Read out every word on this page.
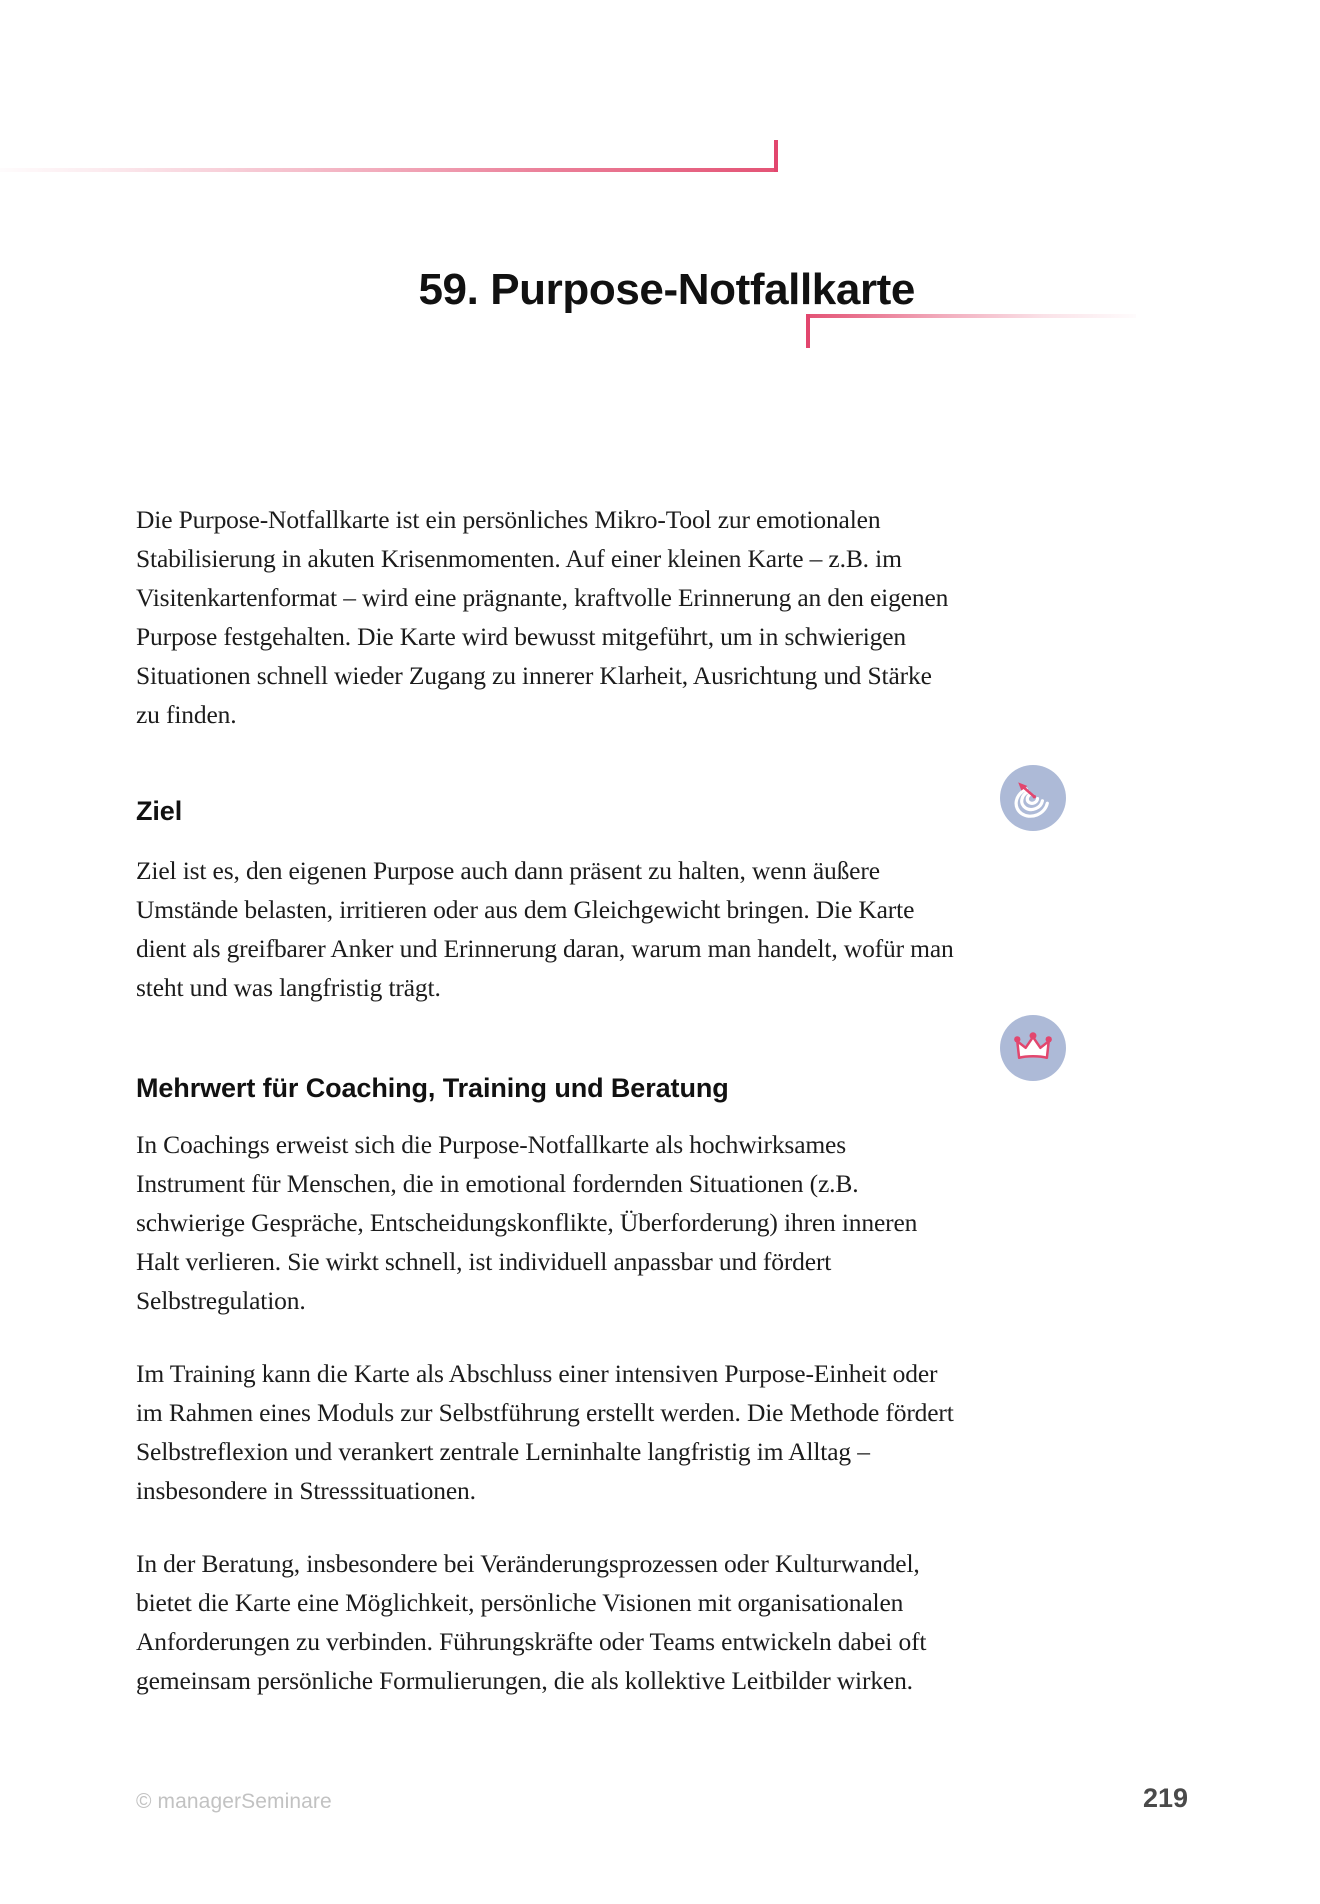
59. Purpose-Notfallkarte

Die Purpose-Notfallkarte ist ein persönliches Mikro-Tool zur emotionalen Stabilisierung in akuten Krisenmomenten. Auf einer kleinen Karte – z.B. im Visitenkartenformat – wird eine prägnante, kraftvolle Erinnerung an den eigenen Purpose festgehalten. Die Karte wird bewusst mitgeführt, um in schwierigen Situationen schnell wieder Zugang zu innerer Klarheit, Ausrichtung und Stärke zu finden.

Ziel

Ziel ist es, den eigenen Purpose auch dann präsent zu halten, wenn äußere Umstände belasten, irritieren oder aus dem Gleichgewicht bringen. Die Karte dient als greifbarer Anker und Erinnerung daran, warum man handelt, wofür man steht und was langfristig trägt.

Mehrwert für Coaching, Training und Beratung

In Coachings erweist sich die Purpose-Notfallkarte als hochwirksames Instrument für Menschen, die in emotional fordernden Situationen (z.B. schwierige Gespräche, Entscheidungskonflikte, Überforderung) ihren inneren Halt verlieren. Sie wirkt schnell, ist individuell anpassbar und fördert Selbstregulation.

Im Training kann die Karte als Abschluss einer intensiven Purpose-Einheit oder im Rahmen eines Moduls zur Selbstführung erstellt werden. Die Methode fördert Selbstreflexion und verankert zentrale Lerninhalte langfristig im Alltag – insbesondere in Stresssituationen.

In der Beratung, insbesondere bei Veränderungsprozessen oder Kulturwandel, bietet die Karte eine Möglichkeit, persönliche Visionen mit organisationalen Anforderungen zu verbinden. Führungskräfte oder Teams entwickeln dabei oft gemeinsam persönliche Formulierungen, die als kollektive Leitbilder wirken.

© managerSeminare	219
